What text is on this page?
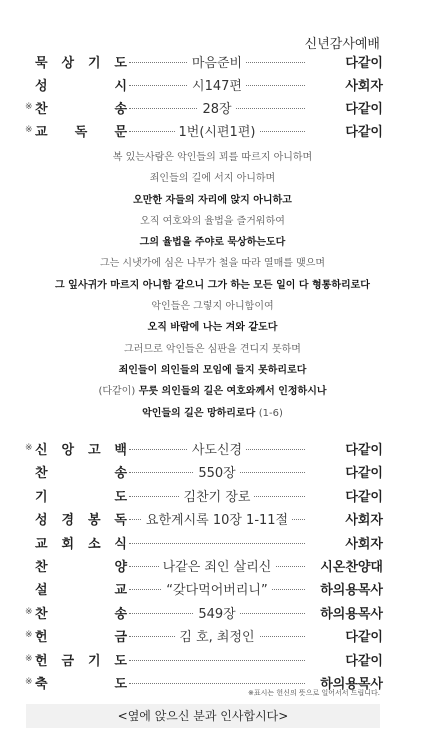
신년감사예배
묵 상 기 도	마음준비	다같이
성	시	시147편	사회자
※ 찬	송	28장	다같이
※ 교 독 문	1번(시편1편)	다같이
복 있는사람은 악인들의 꾀를 따르지 아니하며
죄인들의 길에 서지 아니하며
오만한 자들의 자리에 앉지 아니하고
오직 여호와의 율법을 즐거워하여
그의 율법을 주야로 묵상하는도다
그는 시냇가에 심은 나무가 철을 따라 열매를 맺으며
그 잎사귀가 마르지 아니함 같으니 그가 하는 모든 일이 다 형통하리로다
악인들은 그렇지 아니함이여
오직 바람에 나는 겨와 같도다
그러므로 악인들은 심판을 견디지 못하며
죄인들이 의인들의 모임에 들지 못하리로다
(다같이) 무릇 의인들의 길은 여호와께서 인정하시나
악인들의 길은 망하리로다 (1-6)
※ 신 앙 고 백	사도신경	다같이
찬	송	550장	다같이
기	도	김찬기 장로	다같이
성 경 봉 독	요한계시록 10장 1-11절	사회자
교 회 소 식	사회자
찬	양	나같은 죄인 살리신	시온찬양대
설	교	“갖다먹어버리니”	하의용목사
※ 찬	송	549장	하의용목사
※ 헌	금	김 호, 최정인	다같이
※ 헌 금 기 도	다같이
※ 축	도	하의용목사
※표시는 헌신의 뜻으로 일어서서 드립니다.
<옆에 앉으신 분과 인사합시다>
